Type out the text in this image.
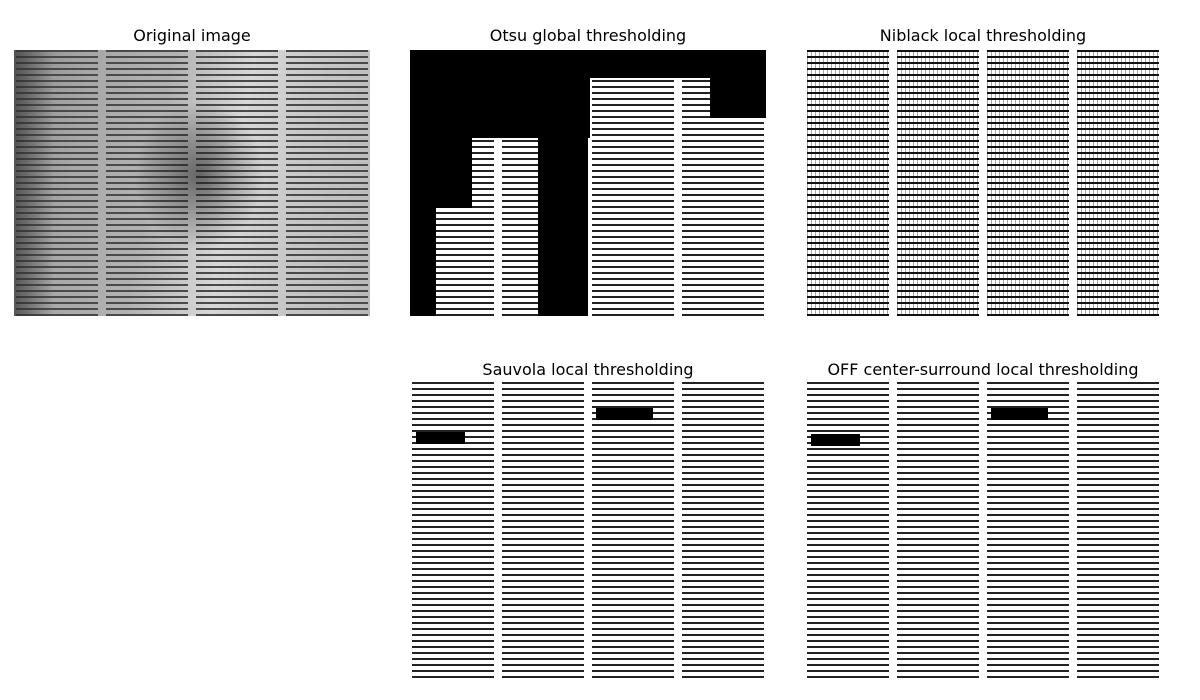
Original image	Otsu global thresholding	Niblack local thresholding
Sauvola local thresholding	OFF center-surround local thresholding
